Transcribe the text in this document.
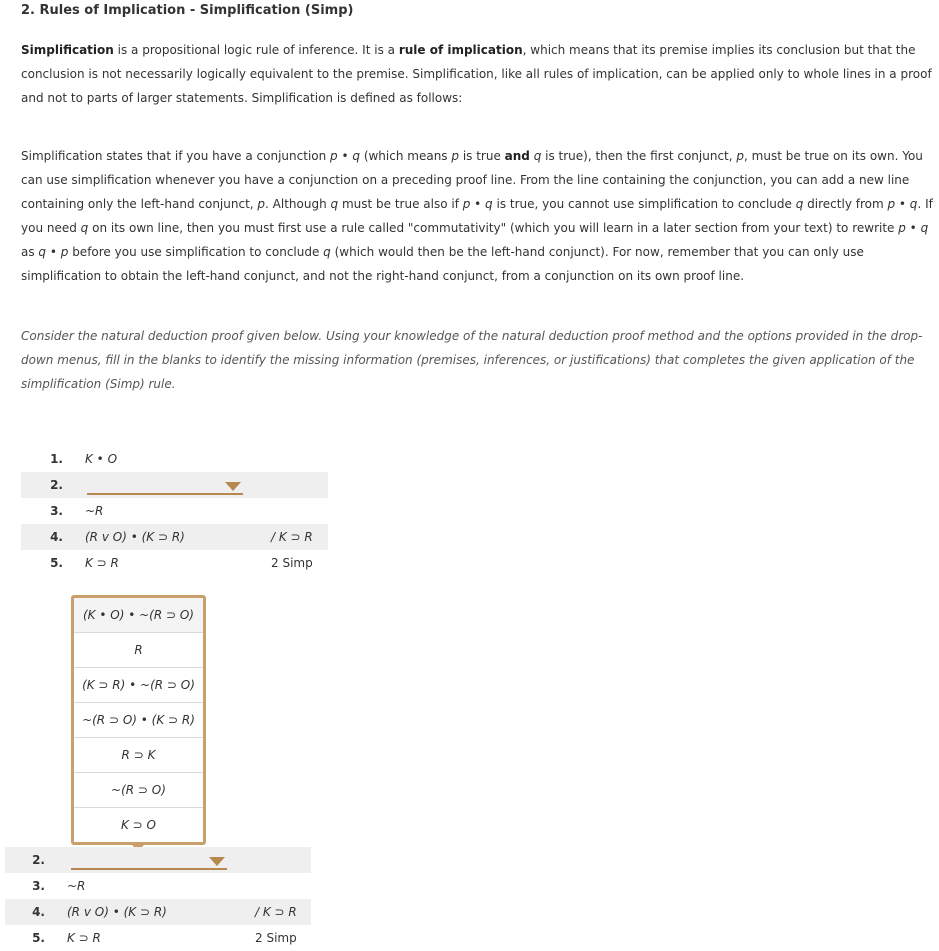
2. Rules of Implication - Simplification (Simp)
Simplification is a propositional logic rule of inference. It is a rule of implication, which means that its premise implies its conclusion but that the conclusion is not necessarily logically equivalent to the premise. Simplification, like all rules of implication, can be applied only to whole lines in a proof and not to parts of larger statements. Simplification is defined as follows:
Simplification states that if you have a conjunction p • q (which means p is true and q is true), then the first conjunct, p, must be true on its own. You can use simplification whenever you have a conjunction on a preceding proof line. From the line containing the conjunction, you can add a new line containing only the left-hand conjunct, p. Although q must be true also if p • q is true, you cannot use simplification to conclude q directly from p • q. If you need q on its own line, then you must first use a rule called "commutativity" (which you will learn in a later section from your text) to rewrite p • q as q • p before you use simplification to conclude q (which would then be the left-hand conjunct). For now, remember that you can only use simplification to obtain the left-hand conjunct, and not the right-hand conjunct, from a conjunction on its own proof line.
Consider the natural deduction proof given below. Using your knowledge of the natural deduction proof method and the options provided in the drop-down menus, fill in the blanks to identify the missing information (premises, inferences, or justifications) that completes the given application of the simplification (Simp) rule.
1. K • O
2.
3. ~R
4. (R v O) • (K ⊃ R)	/ K ⊃ R
5. K ⊃ R	2 Simp
(K • O) • ~(R ⊃ O)
R
(K ⊃ R) • ~(R ⊃ O)
~(R ⊃ O) • (K ⊃ R)
R ⊃ K
~(R ⊃ O)
K ⊃ O
2.
3. ~R
4. (R v O) • (K ⊃ R)	/ K ⊃ R
5. K ⊃ R	2 Simp
